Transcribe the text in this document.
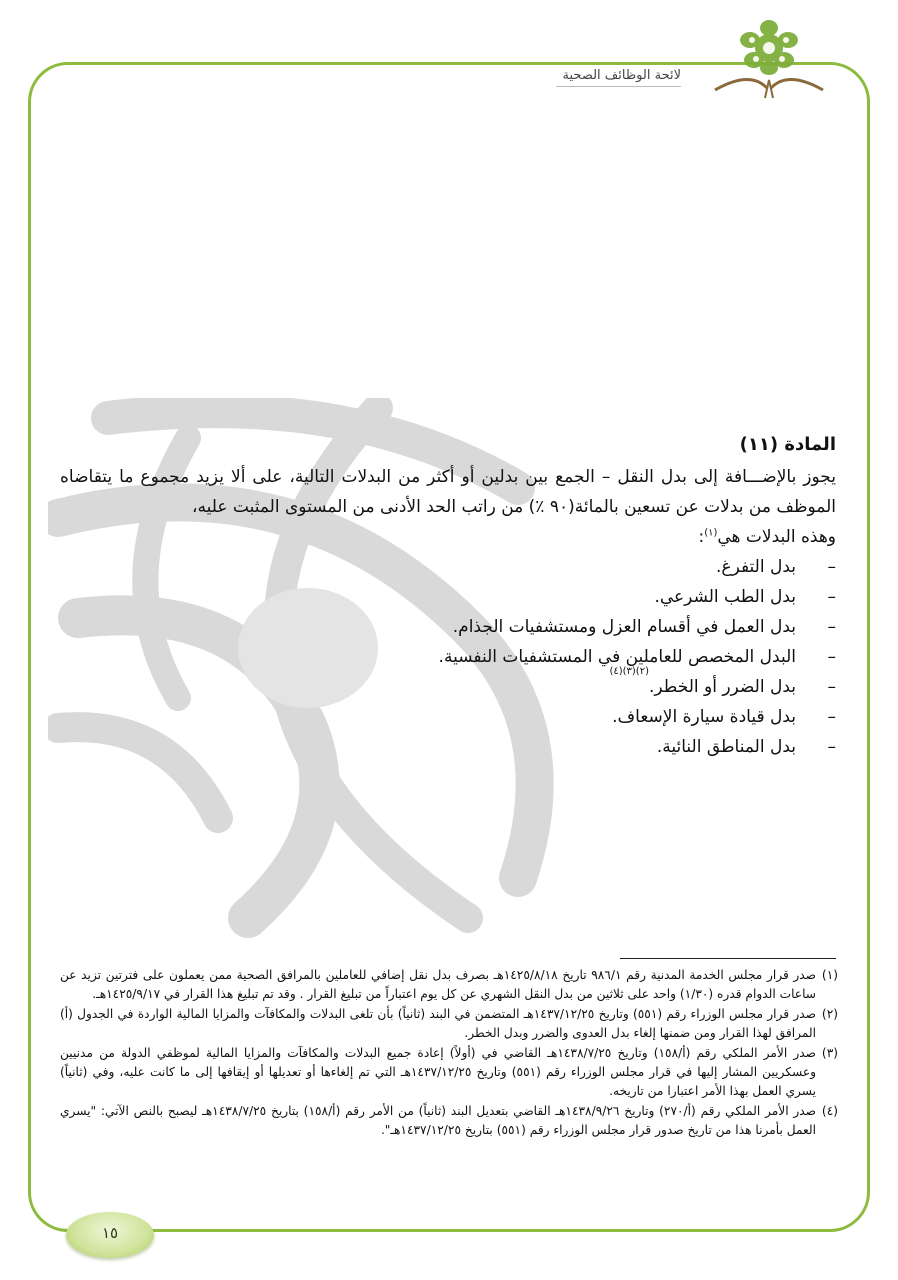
لائحة الوظائف الصحية

المادة (١١)

يجوز بالإضـــافة إلى بدل النقل – الجمع بين بدلين أو أكثر من البدلات التالية، على ألا يزيد مجموع ما يتقاضاه الموظف من بدلات عن تسعين بالمائة(٩٠ ٪) من راتب الحد الأدنى من المستوى المثبت عليه،

وهذه البدلات هي$^{(١)}$:

–
بدل التفرغ.
–
بدل الطب الشرعي.
–
بدل العمل في أقسام العزل ومستشفيات الجذام.
–
البدل المخصص للعاملين في المستشفيات النفسية.
–
بدل الضرر أو الخطر.
(٢)(٣)(٤)
–
بدل قيادة سيارة الإسعاف.
–
بدل المناطق النائية.

(١)
صدر قرار مجلس الخدمة المدنية رقم ٩٨٦/١ تاريخ ١٤٢٥/٨/١٨هـ بصرف بدل نقل إضافي للعاملين بالمرافق الصحية ممن يعملون على فترتين تزيد عن ساعات الدوام قدره (١/٣٠) واحد على ثلاثين من بدل النقل الشهري عن كل يوم اعتباراً من تبليغ القرار . وقد تم تبليغ هذا القرار في ١٤٢٥/٩/١٧هـ.

(٢)
صدر قرار مجلس الوزراء رقم (٥٥١) وتاريخ ١٤٣٧/١٢/٢٥هـ المتضمن في البند (ثانياً) بأن تلغى البدلات والمكافآت والمزايا المالية الواردة في الجدول (أ) المرافق لهذا القرار ومن ضمنها إلغاء بدل العدوى والضرر وبدل الخطر.

(٣)
صدر الأمر الملكي رقم (أ/١٥٨) وتاريخ ١٤٣٨/٧/٢٥هـ القاضي في (أولاً) إعادة جميع البدلات والمكافآت والمزايا المالية لموظفي الدولة من مدنيين وعسكريين المشار إليها في قرار مجلس الوزراء رقم (٥٥١) وتاريخ ١٤٣٧/١٢/٢٥هـ التي تم إلغاءها أو تعديلها أو إيقافها إلى ما كانت عليه، وفي (ثانياً) يسري العمل بهذا الأمر اعتبارا من تاريخه.

(٤)
صدر الأمر الملكي رقم (أ/٢٧٠) وتاريخ ١٤٣٨/٩/٢٦هـ القاضي بتعديل البند (ثانياً) من الأمر رقم (أ/١٥٨) بتاريخ ١٤٣٨/٧/٢٥هـ ليصبح بالنص الآتي: "يسري العمل بأمرنا هذا من تاريخ صدور قرار مجلس الوزراء رقم (٥٥١) بتاريخ ١٤٣٧/١٢/٢٥هـ".

١٥
